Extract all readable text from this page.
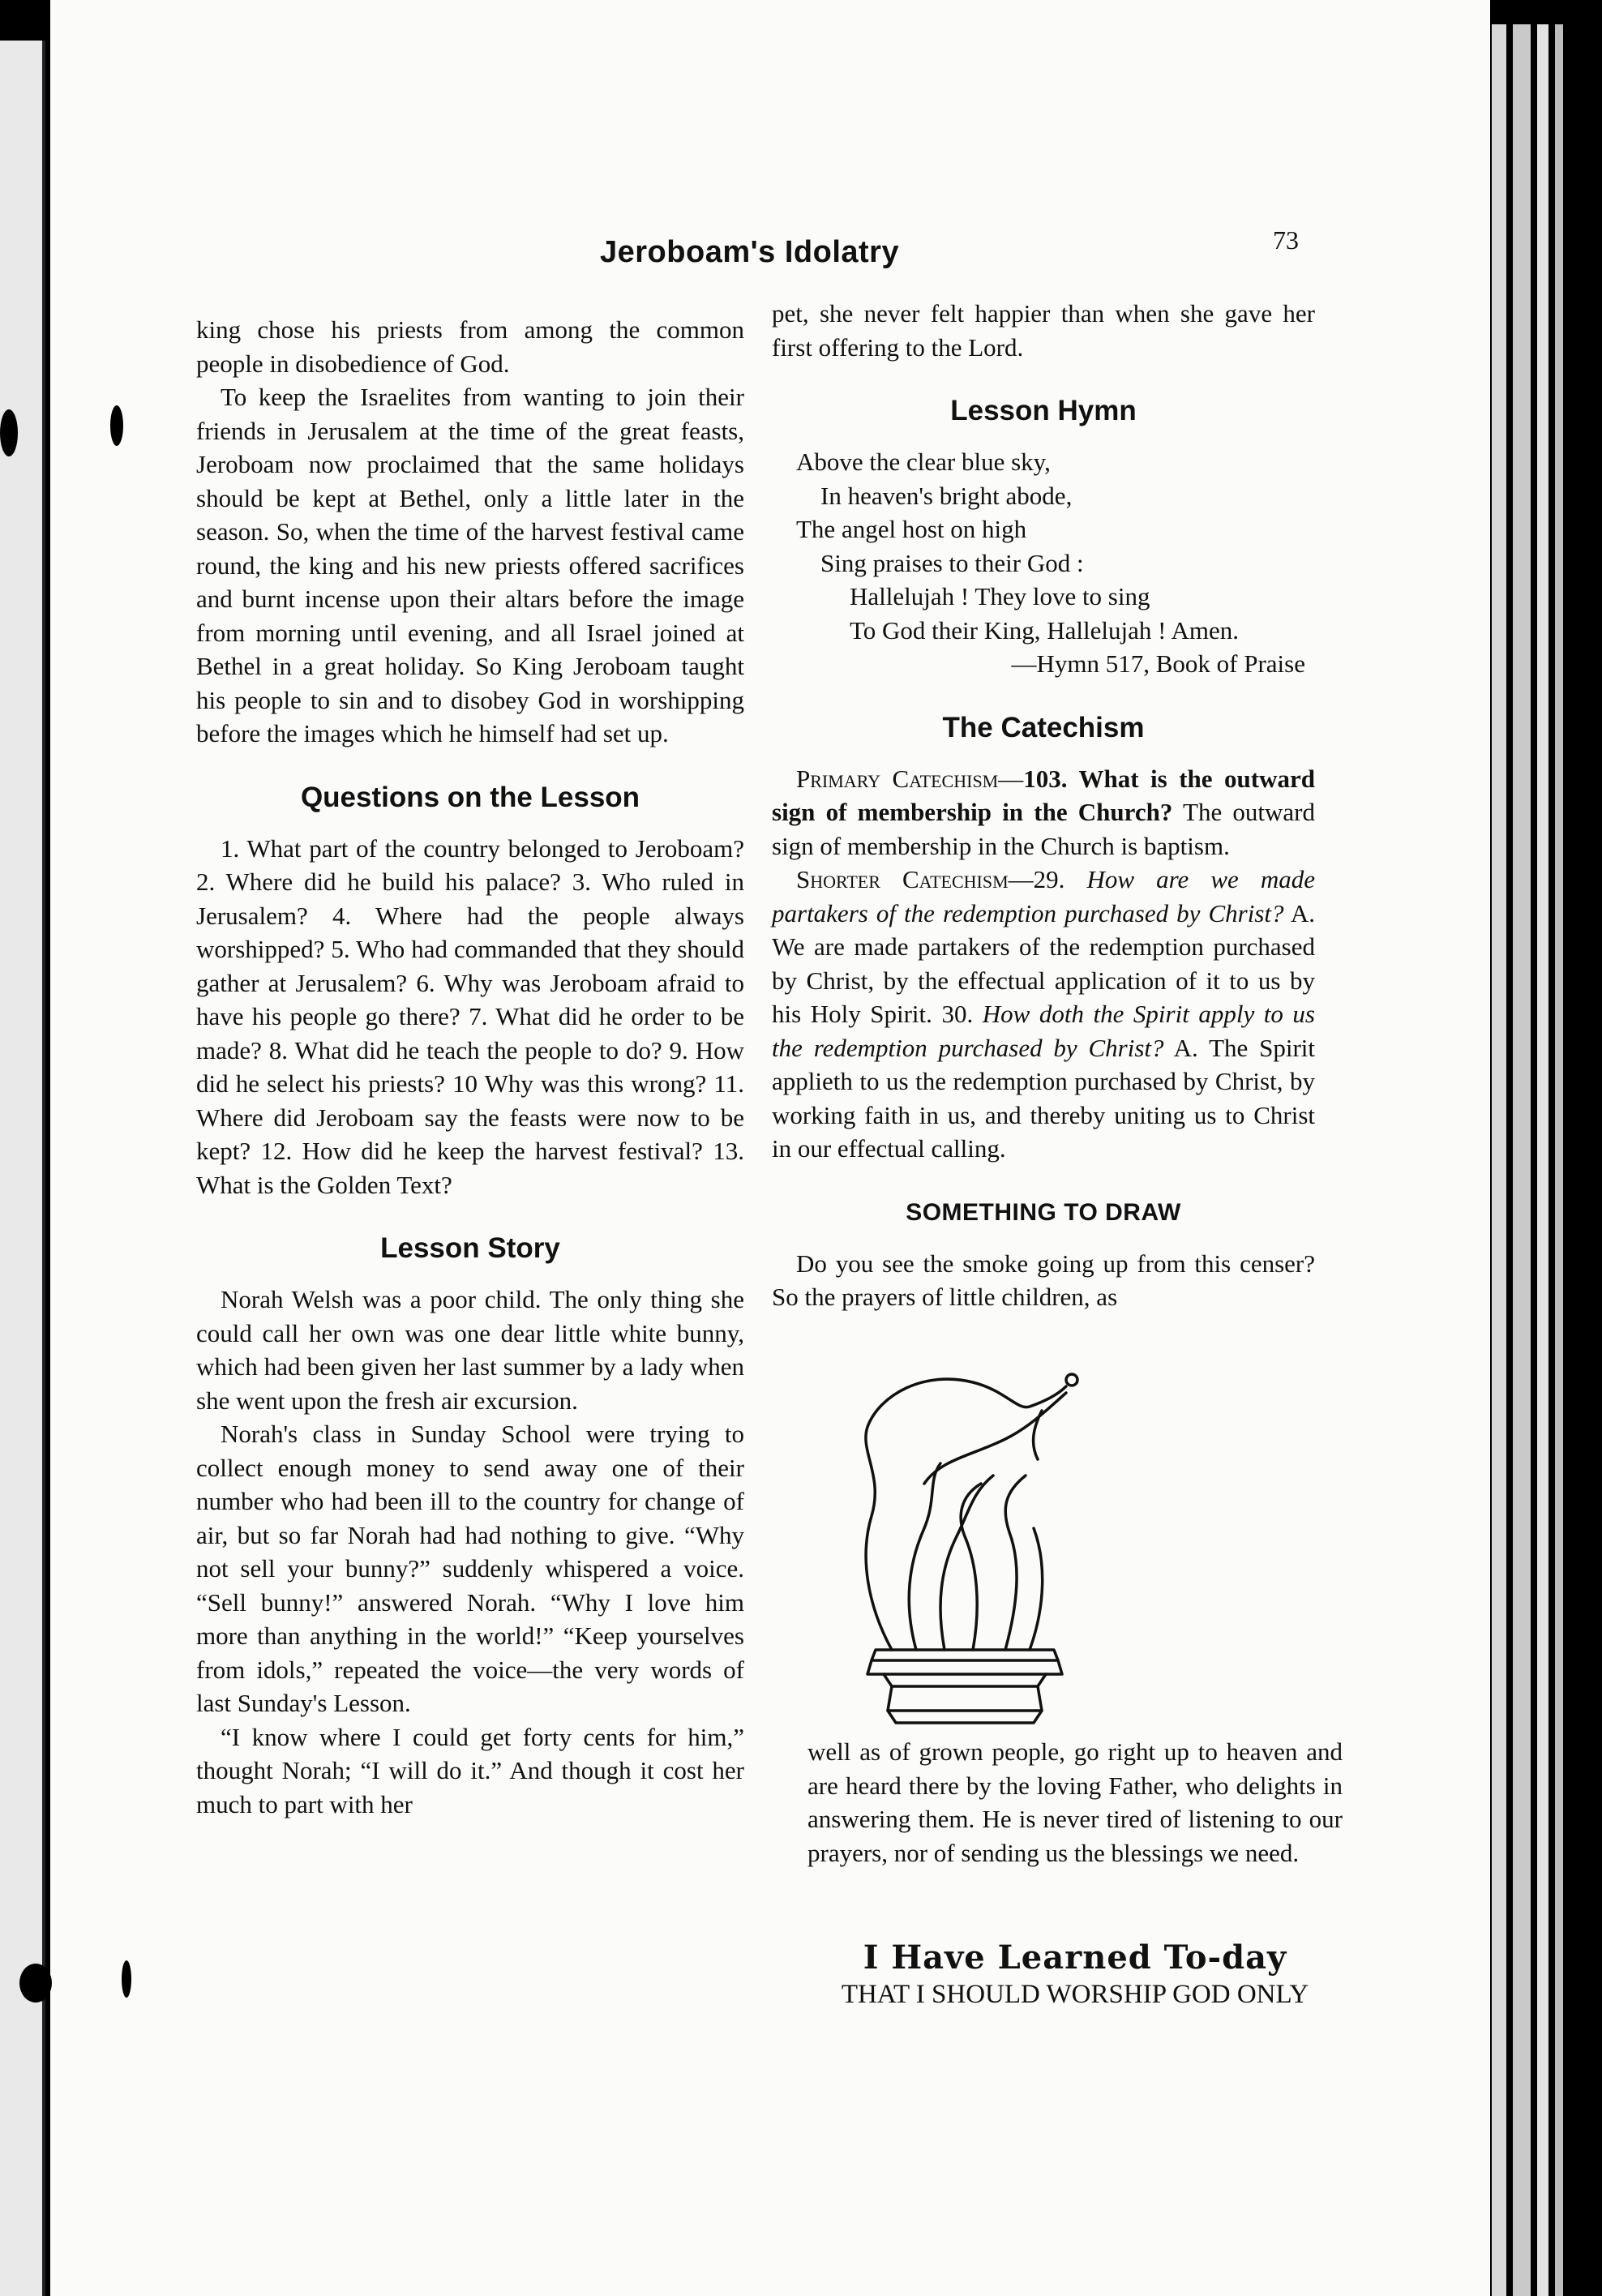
Jeroboam's Idolatry	73

king chose his priests from among the common people in disobedience of God.

To keep the Israelites from wanting to join their friends in Jerusalem at the time of the great feasts, Jeroboam now proclaimed that the same holidays should be kept at Bethel, only a little later in the season. So, when the time of the harvest festival came round, the king and his new priests offered sacrifices and burnt incense upon their altars before the image from morning until evening, and all Israel joined at Bethel in a great holiday. So King Jeroboam taught his people to sin and to disobey God in worshipping before the images which he himself had set up.

Questions on the Lesson

1. What part of the country belonged to Jeroboam? 2. Where did he build his palace? 3. Who ruled in Jerusalem? 4. Where had the people always worshipped? 5. Who had commanded that they should gather at Jerusalem? 6. Why was Jeroboam afraid to have his people go there? 7. What did he order to be made? 8. What did he teach the people to do? 9. How did he select his priests? 10 Why was this wrong? 11. Where did Jeroboam say the feasts were now to be kept? 12. How did he keep the harvest festival? 13. What is the Golden Text?

Lesson Story

Norah Welsh was a poor child. The only thing she could call her own was one dear little white bunny, which had been given her last summer by a lady when she went upon the fresh air excursion.

Norah's class in Sunday School were trying to collect enough money to send away one of their number who had been ill to the country for change of air, but so far Norah had had nothing to give. “Why not sell your bunny?” suddenly whispered a voice. “Sell bunny!” answered Norah. “Why I love him more than anything in the world!” “Keep yourselves from idols,” repeated the voice—the very words of last Sunday's Lesson.

“I know where I could get forty cents for him,” thought Norah; “I will do it.” And though it cost her much to part with her

pet, she never felt happier than when she gave her first offering to the Lord.

Lesson Hymn

Above the clear blue sky,

In heaven's bright abode,

The angel host on high

Sing praises to their God :

Hallelujah ! They love to sing

To God their King, Hallelujah ! Amen.

—Hymn 517, Book of Praise

The Catechism

Primary Catechism—103. What is the outward sign of membership in the Church? The outward sign of membership in the Church is baptism.

Shorter Catechism—29. How are we made partakers of the redemption purchased by Christ? A. We are made partakers of the redemption purchased by Christ, by the effectual application of it to us by his Holy Spirit. 30. How doth the Spirit apply to us the redemption purchased by Christ? A. The Spirit applieth to us the redemption purchased by Christ, by working faith in us, and thereby uniting us to Christ in our effectual calling.

SOMETHING TO DRAW

Do you see the smoke going up from this censer? So the prayers of little children, as

well as of grown people, go right up to heaven and are heard there by the loving Father, who delights in answering them. He is never tired of listening to our prayers, nor of sending us the blessings we need.

I Have Learned To-day
THAT I SHOULD WORSHIP GOD ONLY
